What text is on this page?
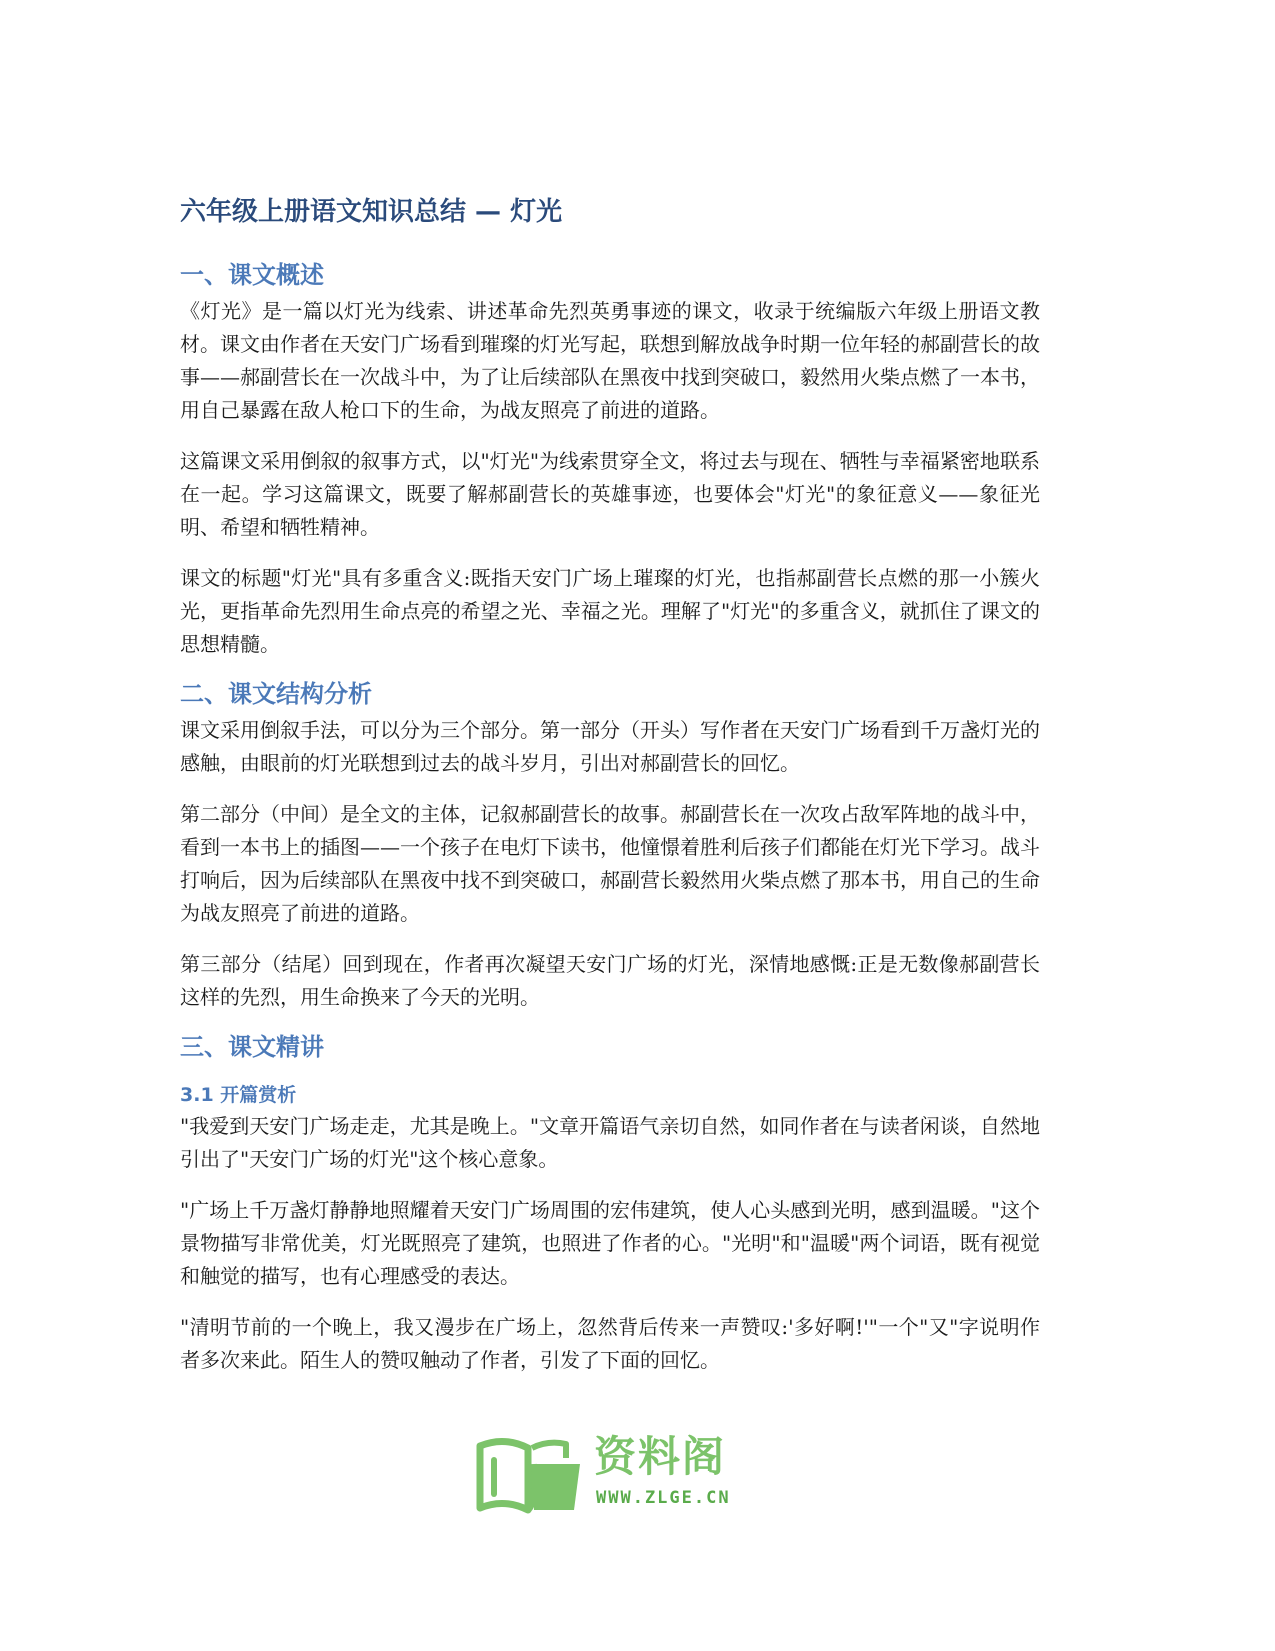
六年级上册语文知识总结 — 灯光
一、课文概述

《灯光》是一篇以灯光为线索、讲述革命先烈英勇事迹的课文，收录于统编版六年级上册语文教材。课文由作者在天安门广场看到璀璨的灯光写起，联想到解放战争时期一位年轻的郝副营长的故事——郝副营长在一次战斗中，为了让后续部队在黑夜中找到突破口，毅然用火柴点燃了一本书，用自己暴露在敌人枪口下的生命，为战友照亮了前进的道路。

这篇课文采用倒叙的叙事方式，以"灯光"为线索贯穿全文，将过去与现在、牺牲与幸福紧密地联系在一起。学习这篇课文，既要了解郝副营长的英雄事迹，也要体会"灯光"的象征意义——象征光明、希望和牺牲精神。

课文的标题"灯光"具有多重含义:既指天安门广场上璀璨的灯光，也指郝副营长点燃的那一小簇火光，更指革命先烈用生命点亮的希望之光、幸福之光。理解了"灯光"的多重含义，就抓住了课文的思想精髓。

二、课文结构分析

课文采用倒叙手法，可以分为三个部分。第一部分（开头）写作者在天安门广场看到千万盏灯光的感触，由眼前的灯光联想到过去的战斗岁月，引出对郝副营长的回忆。

第二部分（中间）是全文的主体，记叙郝副营长的故事。郝副营长在一次攻占敌军阵地的战斗中，看到一本书上的插图——一个孩子在电灯下读书，他憧憬着胜利后孩子们都能在灯光下学习。战斗打响后，因为后续部队在黑夜中找不到突破口，郝副营长毅然用火柴点燃了那本书，用自己的生命为战友照亮了前进的道路。

第三部分（结尾）回到现在，作者再次凝望天安门广场的灯光，深情地感慨:正是无数像郝副营长这样的先烈，用生命换来了今天的光明。

三、课文精讲
3.1 开篇赏析

"我爱到天安门广场走走，尤其是晚上。"文章开篇语气亲切自然，如同作者在与读者闲谈，自然地引出了"天安门广场的灯光"这个核心意象。

"广场上千万盏灯静静地照耀着天安门广场周围的宏伟建筑，使人心头感到光明，感到温暖。"这个景物描写非常优美，灯光既照亮了建筑，也照进了作者的心。"光明"和"温暖"两个词语，既有视觉和触觉的描写，也有心理感受的表达。

"清明节前的一个晚上，我又漫步在广场上，忽然背后传来一声赞叹:'多好啊!'"一个"又"字说明作者多次来此。陌生人的赞叹触动了作者，引发了下面的回忆。

资料阁
WWW.ZLGE.CN
